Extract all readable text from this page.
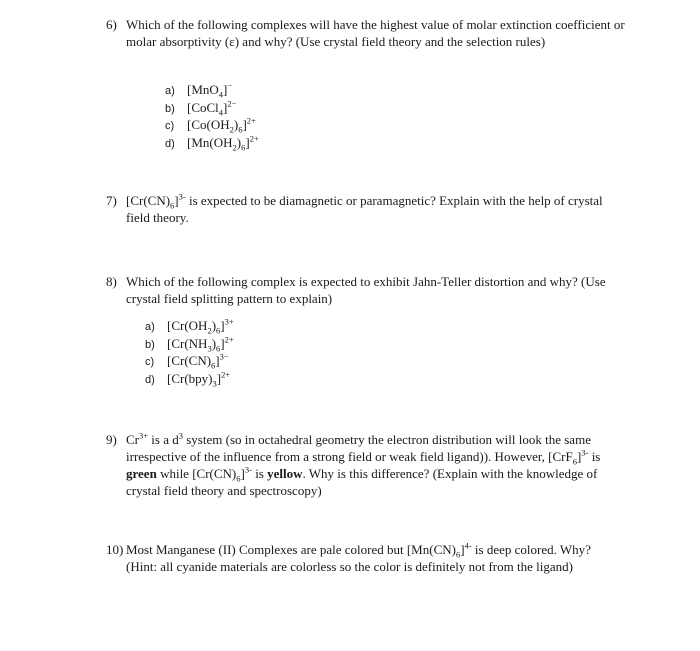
6) Which of the following complexes will have the highest value of molar extinction coefficient or molar absorptivity (ε) and why? (Use crystal field theory and the selection rules)
a) [MnO$_4$]−
b) [CoCl$_4$]$^{2-}$
c) $[Co(OH_2)_6]^{2+}$
d) $[Mn(OH_2)_6]^{2+}$
7) $[Cr(CN)_6]^{3-}$ is expected to be diamagnetic or paramagnetic? Explain with the help of crystal field theory.
8) Which of the following complex is expected to exhibit Jahn-Teller distortion and why? (Use crystal field splitting pattern to explain)
a) $[Cr(OH_2)_6]^{3+}$
b) $[Cr(NH_3)_6]^{2+}$
c) $[Cr(CN)_6]^{3-}$
d) $[Cr(bpy)_3]^{2+}$
9) $Cr^{3+}$ is a $d^3$ system (so in octahedral geometry the electron distribution will look the same irrespective of the influence from a strong field or weak field ligand)). However, $[CrF_6]^{3-}$ is green while $[Cr(CN)_6]^{3-}$ is yellow. Why is this difference? (Explain with the knowledge of crystal field theory and spectroscopy)
10) Most Manganese (II) Complexes are pale colored but $[Mn(CN)_6]^{4-}$ is deep colored. Why?
(Hint: all cyanide materials are colorless so the color is definitely not from the ligand)
